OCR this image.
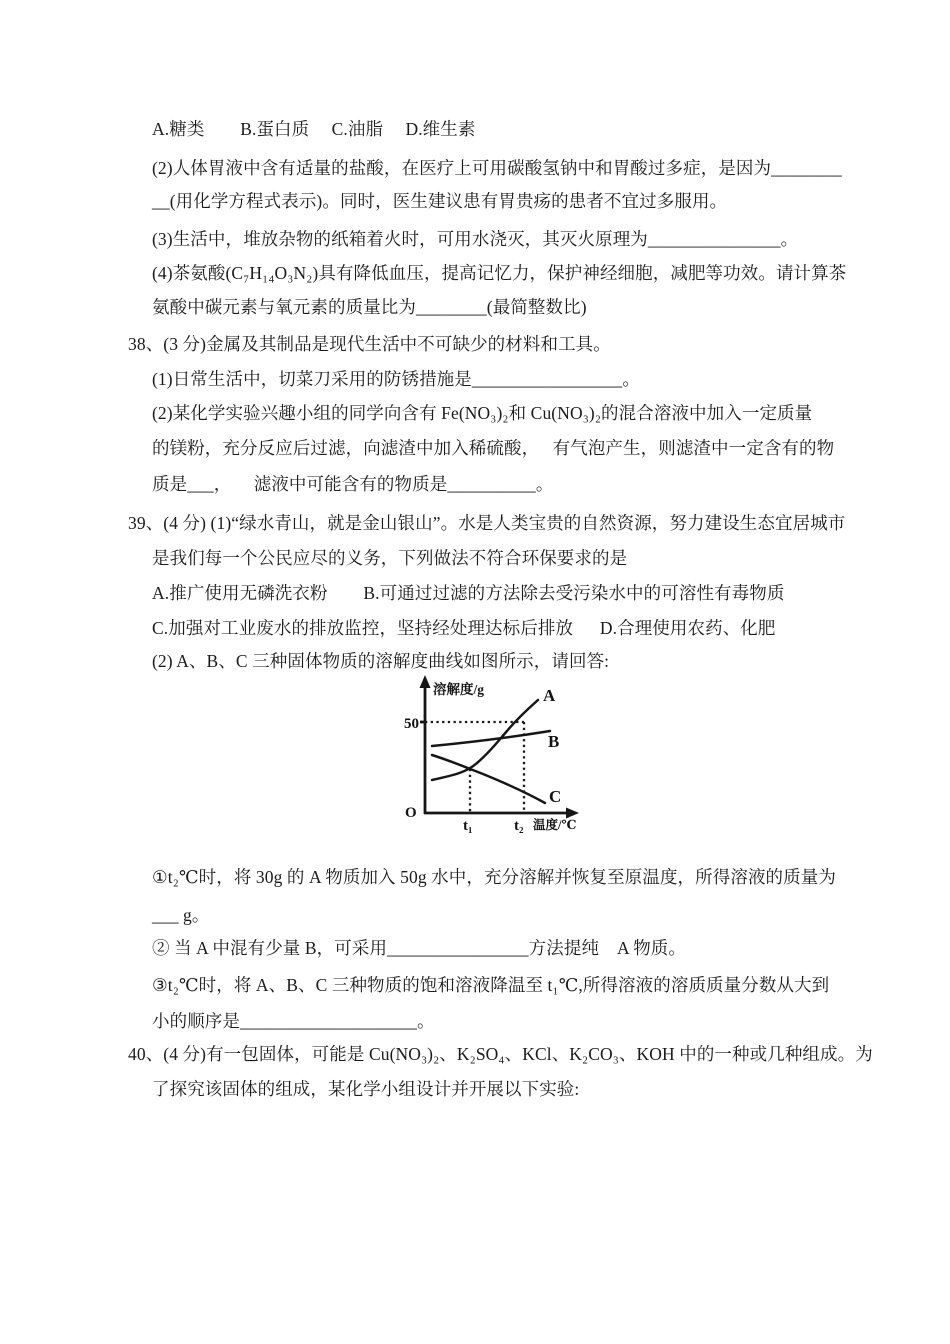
溶解度/g
50
O
t₁	t₂ 温度/℃
A
B
C
A.糖类        B.蛋白质     C.油脂     D.维生素
(2)人体胃液中含有适量的盐酸，在医疗上可用碳酸氢钠中和胃酸过多症，是因为________
__(用化学方程式表示)。同时，医生建议患有胃贵疡的患者不宜过多服用。
(3)生活中，堆放杂物的纸箱着火时，可用水浇灭，其灭火原理为_______________。
(4)茶氨酸(C₇H₁₄O₃N₂)具有降低血压，提高记忆力，保护神经细胞，减肥等功效。请计算茶
氨酸中碳元素与氧元素的质量比为________(最简整数比)
38、(3 分)金属及其制品是现代生活中不可缺少的材料和工具。
(1)日常生活中，切菜刀采用的防锈措施是_________________。
(2)某化学实验兴趣小组的同学向含有 Fe(NO₃)₂和 Cu(NO₃)₂的混合溶液中加入一定质量
的镁粉，充分反应后过滤，向滤渣中加入稀硫酸，   有气泡产生，则滤渣中一定含有的物
质是___，     滤液中可能含有的物质是__________。
39、(4 分) (1)“绿水青山，就是金山银山”。水是人类宝贵的自然资源，努力建设生态宜居城市
是我们每一个公民应尽的义务，下列做法不符合环保要求的是
A.推广使用无磷洗衣粉        B.可通过过滤的方法除去受污染水中的可溶性有毒物质
C.加强对工业废水的排放监控，坚持经处理达标后排放      D.合理使用农药、化肥
(2) A、B、C 三种固体物质的溶解度曲线如图所示，请回答:
①t₂℃时，将 30g 的 A 物质加入 50g 水中，充分溶解并恢复至原温度，所得溶液的质量为
___ g。
② 当 A 中混有少量 B，可采用________________方法提纯    A 物质。
③t₂℃时，将 A、B、C 三种物质的饱和溶液降温至 t₁℃,所得溶液的溶质质量分数从大到
小的顺序是____________________。
40、(4 分)有一包固体，可能是 Cu(NO₃)₂、K₂SO₄、KCl、K₂CO₃、KOH 中的一种或几种组成。为
了探究该固体的组成，某化学小组设计并开展以下实验:
